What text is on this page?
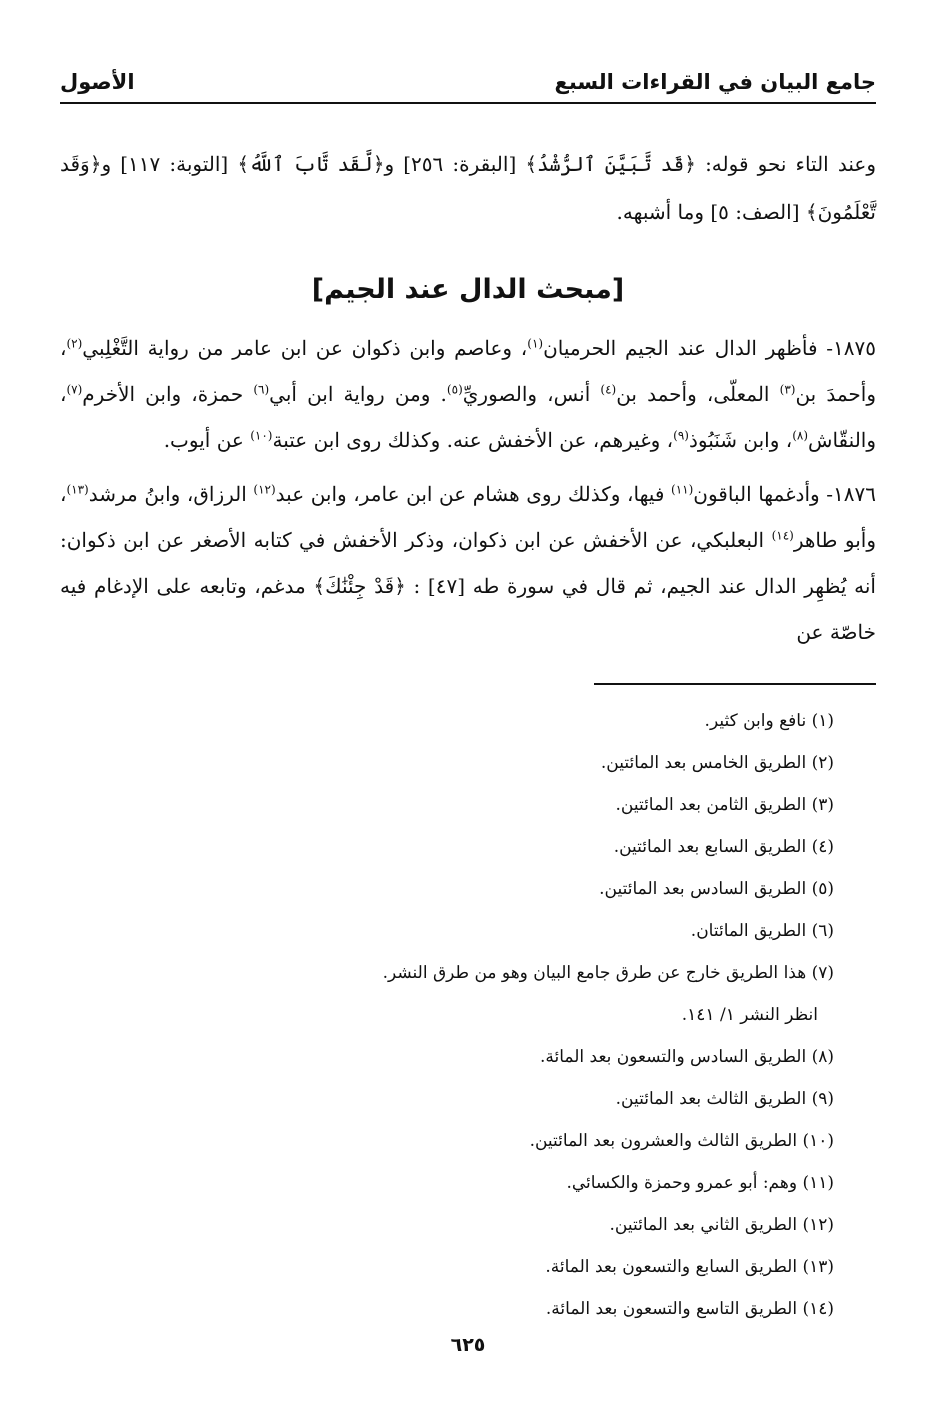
جامع البيان في القراءات السبع
الأصول

وعند التاء نحو قوله: ﴿قَد تَّبَيَّنَ ٱلرُّشْدُ﴾ [البقرة: ٢٥٦] و﴿لَّقَد تَّابَ ٱللَّهُ﴾ [التوبة: ١١٧] و﴿وَقَد تَّعْلَمُونَ﴾ [الصف: ٥] وما أشبهه.

[مبحث الدال عند الجيم]

١٨٧٥- فأظهر الدال عند الجيم الحرميان$^{(١)}$، وعاصم وابن ذكوان عن ابن عامر من رواية التَّغْلِبي$^{(٢)}$، وأحمدَ بن$^{(٣)}$ المعلّى، وأحمد بن$^{(٤)}$ أنس، والصوريِّ$^{(٥)}$. ومن رواية ابن أبي$^{(٦)}$ حمزة، وابن الأخرم$^{(٧)}$، والنقّاش$^{(٨)}$، وابن شَنَبُوذ$^{(٩)}$، وغيرهم، عن الأخفش عنه. وكذلك روى ابن عتبة$^{(١٠)}$ عن أيوب.

١٨٧٦- وأدغمها الباقون$^{(١١)}$ فيها، وكذلك روى هشام عن ابن عامر، وابن عبد$^{(١٢)}$ الرزاق، وابنُ مرشد$^{(١٣)}$، وأبو طاهر$^{(١٤)}$ البعلبكي، عن الأخفش عن ابن ذكوان، وذكر الأخفش في كتابه الأصغر عن ابن ذكوان: أنه يُظهِر الدال عند الجيم، ثم قال في سورة طه [٤٧] : ﴿قَدْ جِئْنَٰكَ﴾ مدغم، وتابعه على الإدغام فيه خاصّة عن

(١) نافع وابن كثير.
(٢) الطريق الخامس بعد المائتين.
(٣) الطريق الثامن بعد المائتين.
(٤) الطريق السابع بعد المائتين.
(٥) الطريق السادس بعد المائتين.
(٦) الطريق المائتان.
(٧) هذا الطريق خارج عن طرق جامع البيان وهو من طرق النشر.
انظر النشر ١/ ١٤١.
(٨) الطريق السادس والتسعون بعد المائة.
(٩) الطريق الثالث بعد المائتين.
(١٠) الطريق الثالث والعشرون بعد المائتين.
(١١) وهم: أبو عمرو وحمزة والكسائي.
(١٢) الطريق الثاني بعد المائتين.
(١٣) الطريق السابع والتسعون بعد المائة.
(١٤) الطريق التاسع والتسعون بعد المائة.
٦٢٥
